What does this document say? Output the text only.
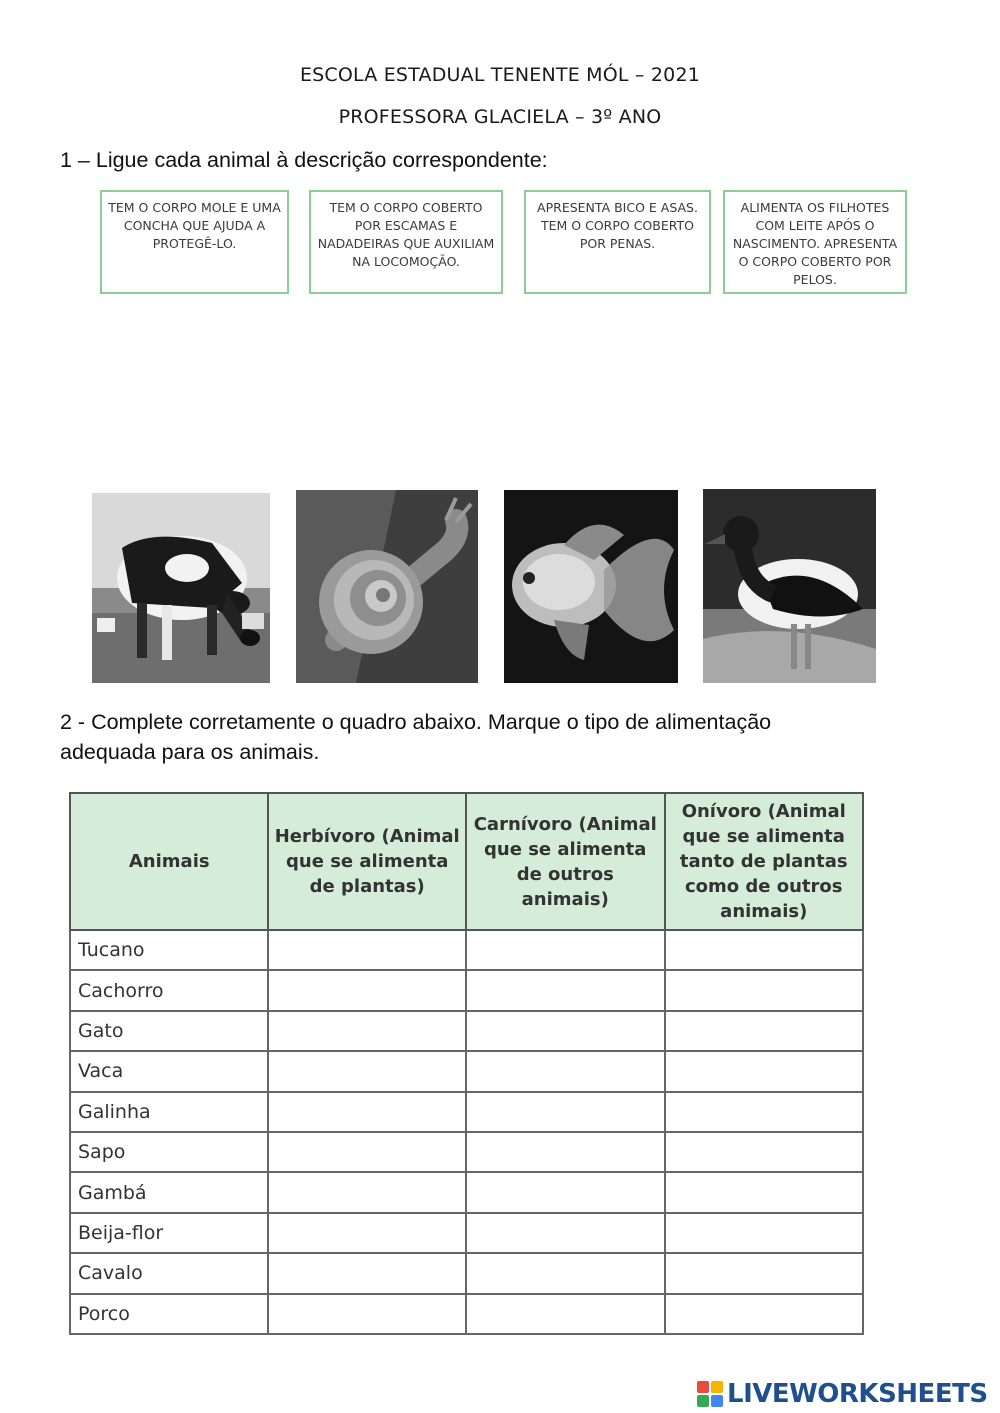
ESCOLA ESTADUAL TENENTE MÓL – 2021
PROFESSORA GLACIELA – 3º ANO
1 – Ligue cada animal à descrição correspondente:
TEM O CORPO MOLE E UMA CONCHA QUE AJUDA A PROTEGÊ-LO.
TEM O CORPO COBERTO POR ESCAMAS E NADADEIRAS QUE AUXILIAM NA LOCOMOÇÃO.
APRESENTA BICO E ASAS. TEM O CORPO COBERTO POR PENAS.
ALIMENTA OS FILHOTES COM LEITE APÓS O NASCIMENTO. APRESENTA O CORPO COBERTO POR PELOS.
2 - Complete corretamente o quadro abaixo. Marque o tipo de alimentação
adequada para os animais.
Animais	Herbívoro (Animal que se alimenta de plantas)	Carnívoro (Animal que se alimenta de outros animais)	Onívoro (Animal que se alimenta tanto de plantas como de outros animais)
Tucano			
Cachorro			
Gato			
Vaca			
Galinha			
Sapo			
Gambá			
Beija-flor			
Cavalo			
Porco			
LIVEWORKSHEETS
